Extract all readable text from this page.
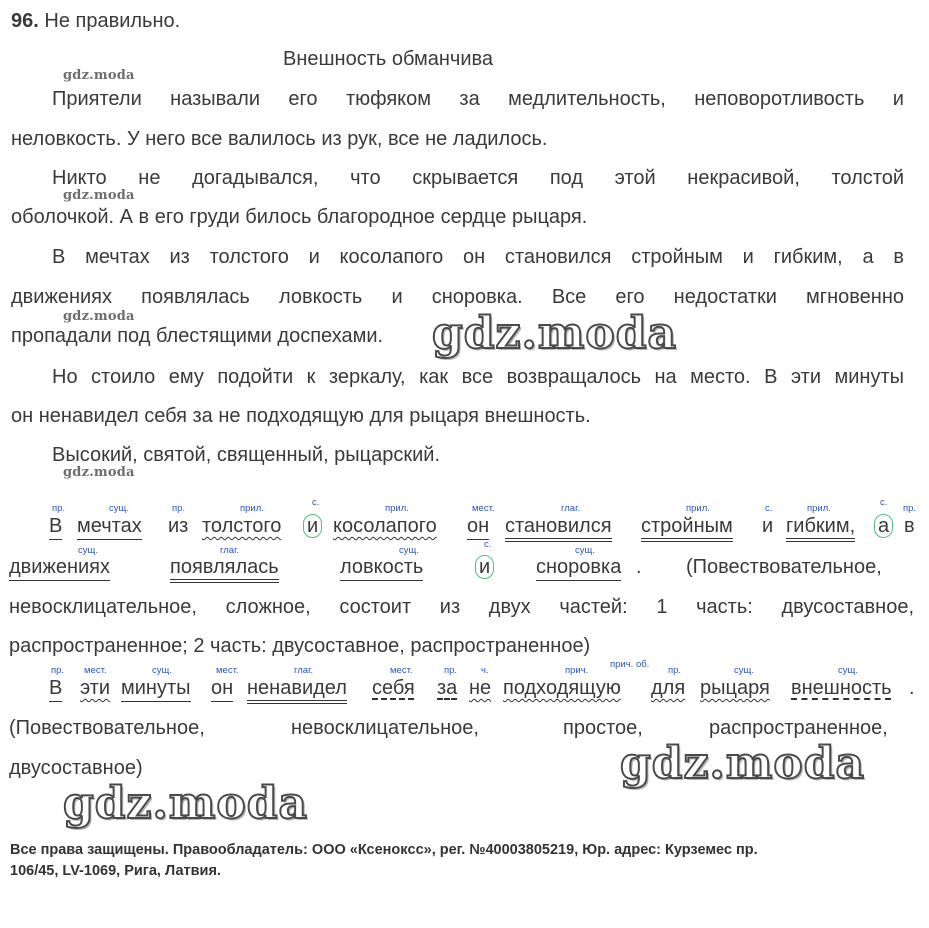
96. Не правильно.
Внешность обманчива
gdz.moda
gdz.moda
gdz.moda
gdz.moda
Приятели называли его тюфяком за медлительность, неповоротливость и
неловкость. У него все валилось из рук, все не ладилось.
Никто не догадывался, что скрывается под этой некрасивой, толстой
оболочкой. А в его груди билось благородное сердце рыцаря.
В мечтах из толстого и косолапого он становился стройным и гибким, а в
движениях появлялась ловкость и сноровка. Все его недостатки мгновенно
пропадали под блестящими доспехами. gdz.moda
Но стоило ему подойти к зеркалу, как все возвращалось на место. В эти минуты
он ненавидел себя за не подходящую для рыцаря внешность.
Высокий, святой, священный, рыцарский.
пр.	сущ.	пр.	прил.
с.
прил.	мест.	глаг.	прил.	с.	прил.
с.
пр.
В мечтах из толстого и косолапого он становился стройным и гибким, а в
сущ.	глаг.	сущ.
с.
сущ.
движениях	появлялась	ловкость	и сноровка . (Повествовательное,
невосклицательное, сложное, состоит из двух частей: 1 часть: двусоставное,
распространенное; 2 часть: двусоставное, распространенное)
пр. мест.	сущ.	мест.	глаг.	мест.	пр.	ч.	прич.
прич. об.
пр.	сущ.	сущ.
В эти минуты он ненавидел себя за не подходящую для рыцаря внешность .
(Повествовательное,	невосклицательное,	простое,	распространенное,
двусоставное)	gdz.moda
gdz.moda
Все права защищены. Правообладатель: ООО «Ксенокcс», рег. №40003805219, Юр. адрес: Курземес пр.
106/45, LV-1069, Рига, Латвия.
